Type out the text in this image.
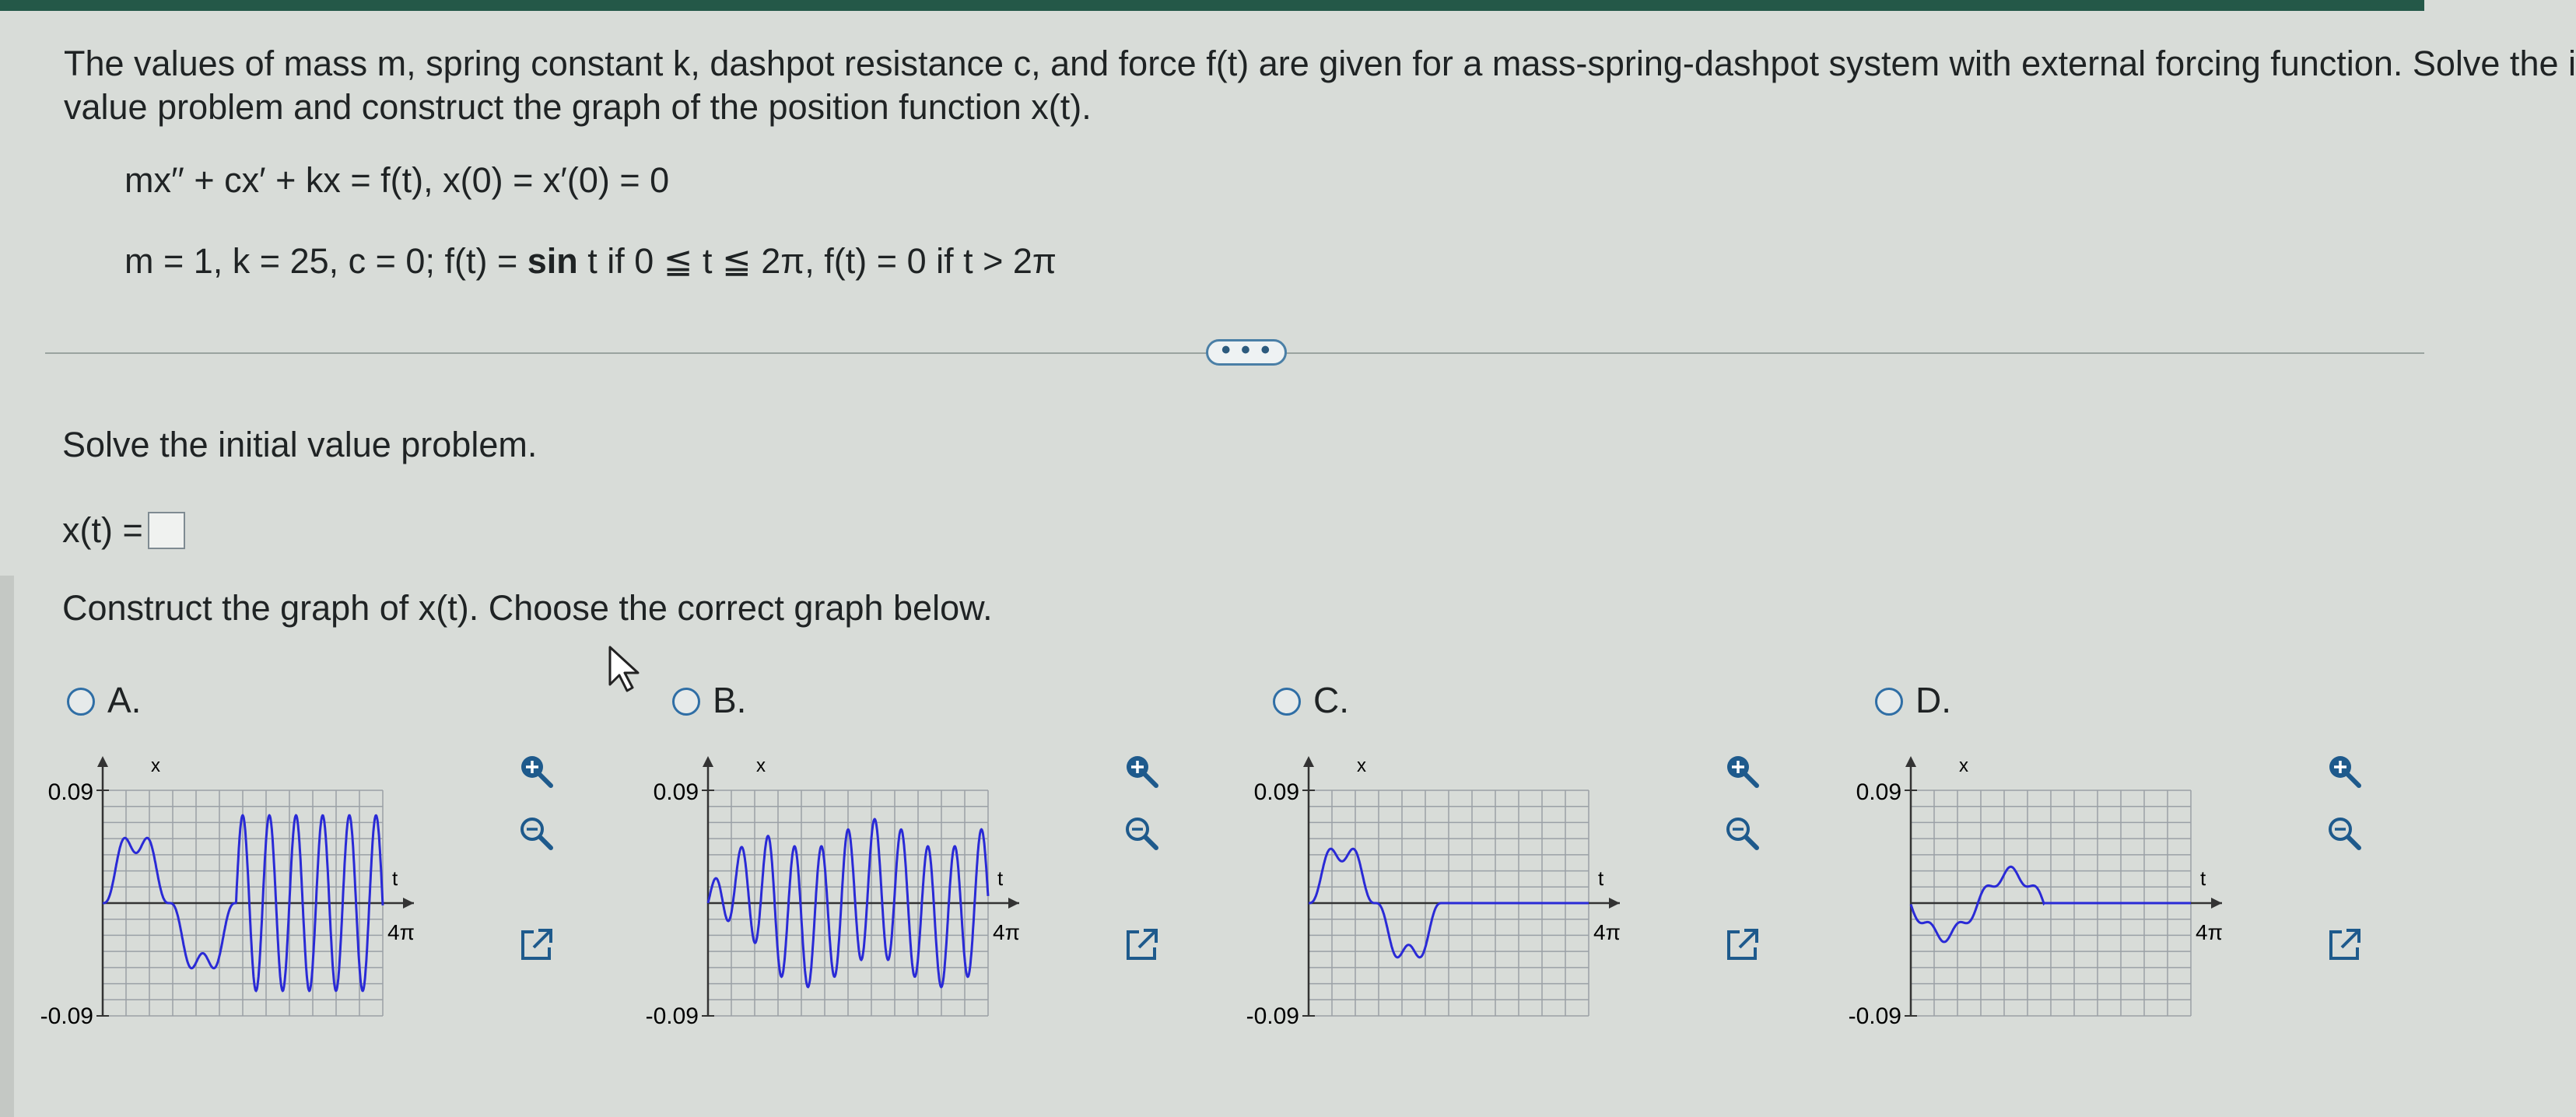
The values of mass m, spring constant k, dashpot resistance c, and force f(t) are given for a mass-spring-dashpot system with external forcing function. Solve the i
value problem and construct the graph of the position function x(t).
mx′′ + cx′ + kx = f(t), x(0) = x′(0) = 0
m = 1, k = 25, c = 0; f(t) = sin t if 0 ≦ t ≦ 2π, f(t) = 0 if t > 2π
• • •
Solve the initial value problem.
x(t) =
Construct the graph of x(t). Choose the correct graph below.
A.
x
0.09
-0.09
t
4π
B.
x
0.09
-0.09
t
4π
C.
x
0.09
-0.09
t
4π
D.
x
0.09
-0.09
t
4π
